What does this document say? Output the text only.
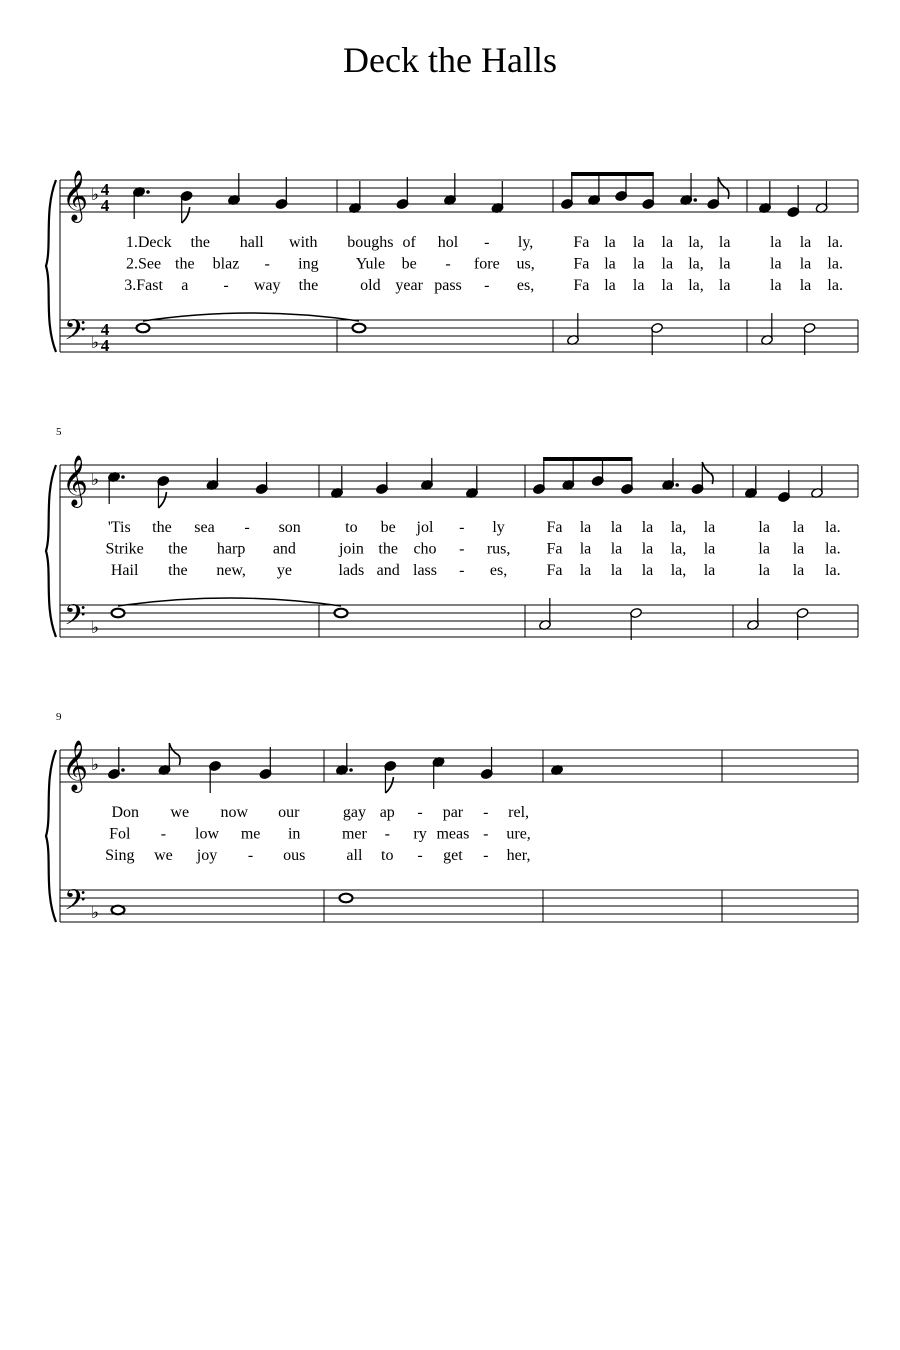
Deck the Halls
𝄞
𝄢
♭
♭
4
4
4
4
1.Deck the hall with
2.See the blaz - ing
3.Fast a - way the
boughs of hol - ly,
Yule be - fore us,
old year pass - es,
Fa la la la la, la
Fa la la la la, la
Fa la la la la, la
la la la.
la la la.
la la la.
5
𝄞
𝄢
♭
♭
'Tis the sea - son
Strike the harp and
Hail the new, ye
to be jol - ly
join the cho - rus,
lads and lass - es,
Fa la la la la, la
Fa la la la la, la
Fa la la la la, la
la la la.
la la la.
la la la.
9
𝄞
𝄢
♭
♭
Don we now our
Fol - low me in
Sing we joy - ous
gay ap - par - rel,
mer - ry meas - ure,
all to - get - her,
